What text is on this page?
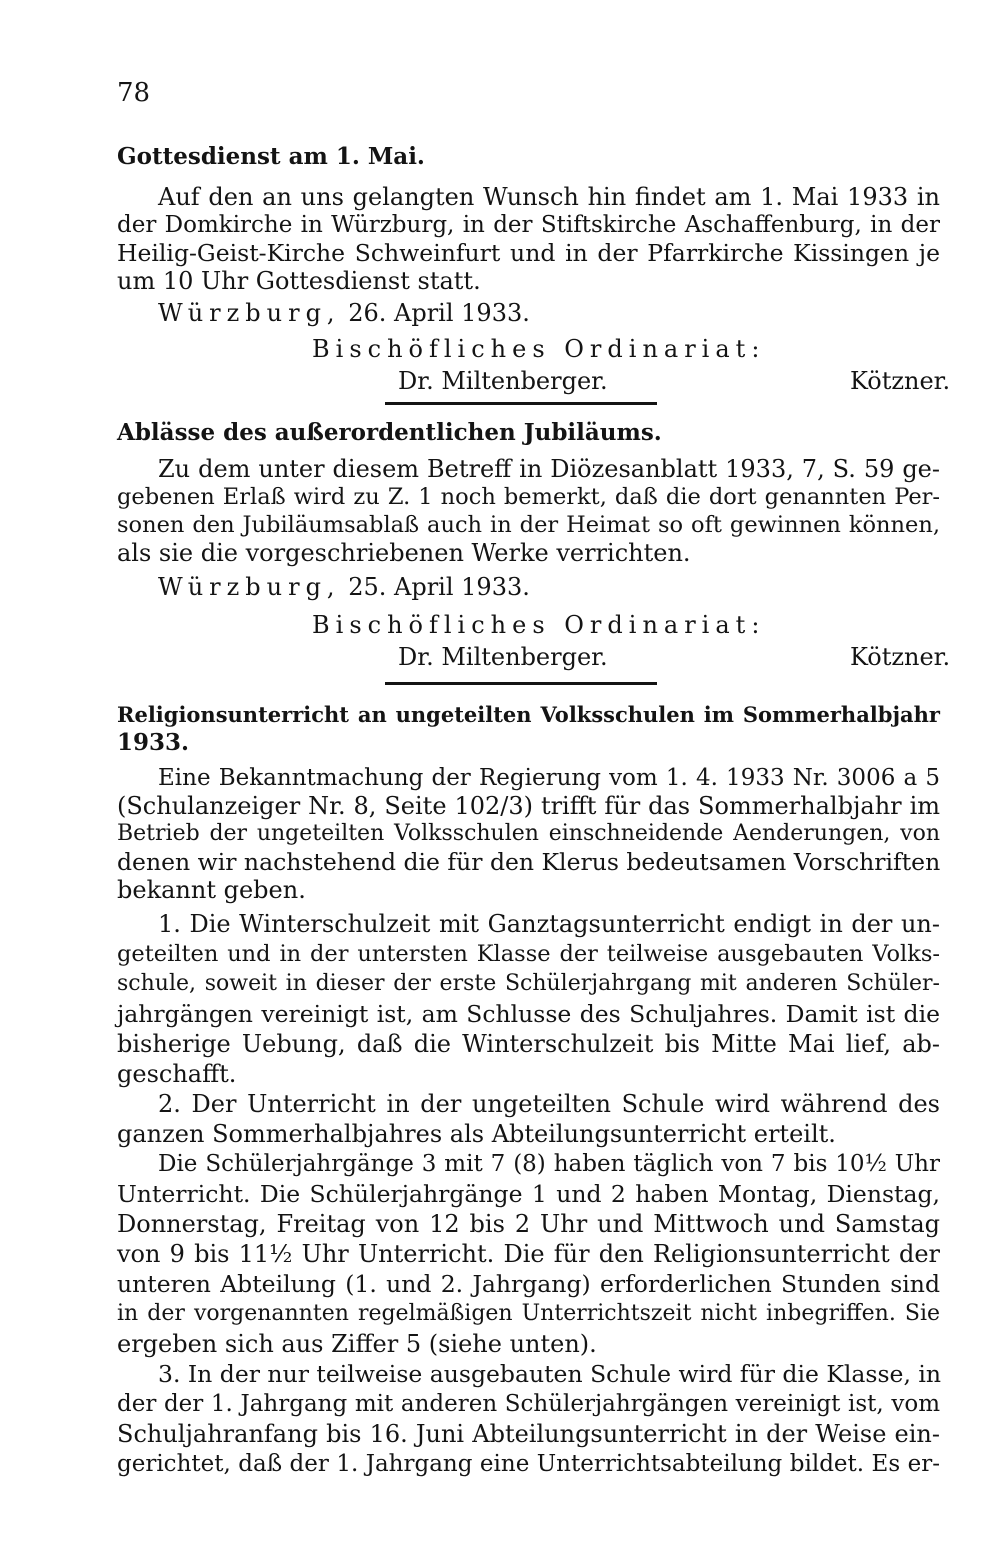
78
Gottesdienst am 1. Mai.
Auf den an uns gelangten Wunsch hin findet am 1. Mai 1933 in
der Domkirche in Würzburg, in der Stiftskirche Aschaffenburg, in der
Heilig-Geist-Kirche Schweinfurt und in der Pfarrkirche Kissingen je
um 10 Uhr Gottesdienst statt.
Würzburg, 26. April 1933.
Bischöfliches Ordinariat:
Dr. Miltenberger.	Kötzner.
Ablässe des außerordentlichen Jubiläums.
Zu dem unter diesem Betreff in Diözesanblatt 1933, 7, S. 59 ge-
gebenen Erlaß wird zu Z. 1 noch bemerkt, daß die dort genannten Per-
sonen den Jubiläumsablaß auch in der Heimat so oft gewinnen können,
als sie die vorgeschriebenen Werke verrichten.
Würzburg, 25. April 1933.
Bischöfliches Ordinariat:
Dr. Miltenberger.	Kötzner.
Religionsunterricht an ungeteilten Volksschulen im Sommerhalbjahr
1933.
Eine Bekanntmachung der Regierung vom 1. 4. 1933 Nr. 3006 a 5
(Schulanzeiger Nr. 8, Seite 102/3) trifft für das Sommerhalbjahr im
Betrieb der ungeteilten Volksschulen einschneidende Aenderungen, von
denen wir nachstehend die für den Klerus bedeutsamen Vorschriften
bekannt geben.
1. Die Winterschulzeit mit Ganztagsunterricht endigt in der un-
geteilten und in der untersten Klasse der teilweise ausgebauten Volks-
schule, soweit in dieser der erste Schülerjahrgang mit anderen Schüler-
jahrgängen vereinigt ist, am Schlusse des Schuljahres. Damit ist die
bisherige Uebung, daß die Winterschulzeit bis Mitte Mai lief, ab-
geschafft.
2. Der Unterricht in der ungeteilten Schule wird während des
ganzen Sommerhalbjahres als Abteilungsunterricht erteilt.
Die Schülerjahrgänge 3 mit 7 (8) haben täglich von 7 bis 10½ Uhr
Unterricht. Die Schülerjahrgänge 1 und 2 haben Montag, Dienstag,
Donnerstag, Freitag von 12 bis 2 Uhr und Mittwoch und Samstag
von 9 bis 11½ Uhr Unterricht. Die für den Religionsunterricht der
unteren Abteilung (1. und 2. Jahrgang) erforderlichen Stunden sind
in der vorgenannten regelmäßigen Unterrichtszeit nicht inbegriffen. Sie
ergeben sich aus Ziffer 5 (siehe unten).
3. In der nur teilweise ausgebauten Schule wird für die Klasse, in
der der 1. Jahrgang mit anderen Schülerjahrgängen vereinigt ist, vom
Schuljahranfang bis 16. Juni Abteilungsunterricht in der Weise ein-
gerichtet, daß der 1. Jahrgang eine Unterrichtsabteilung bildet. Es er-
